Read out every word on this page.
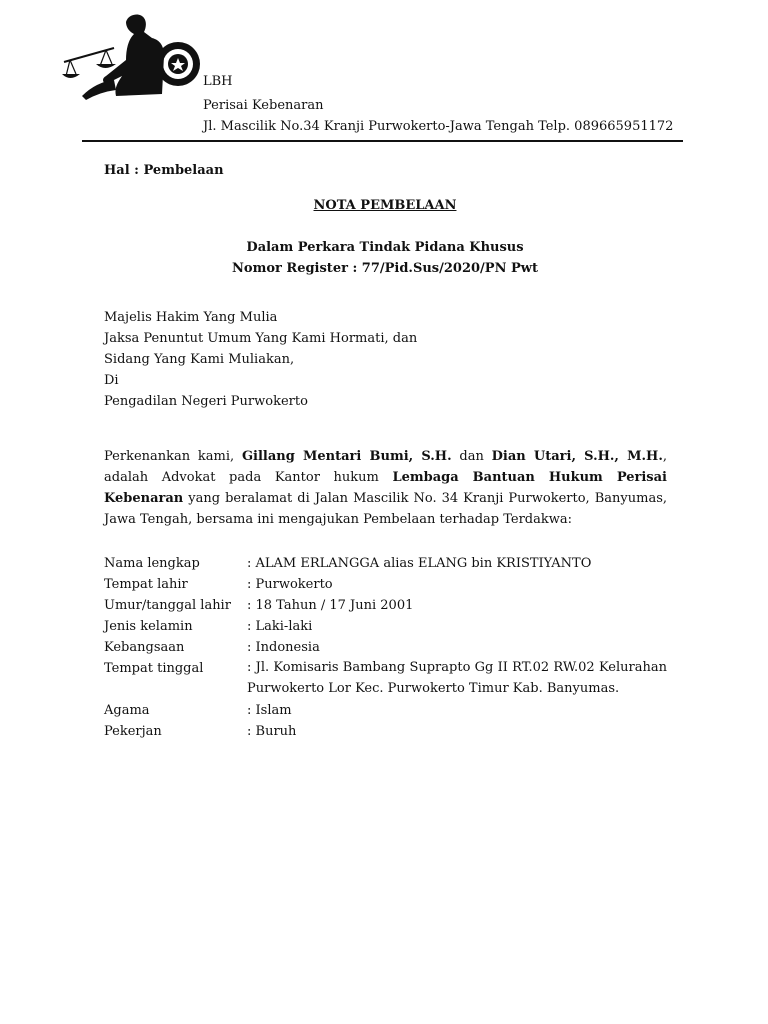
LBH
Perisai Kebenaran
Jl. Mascilik No.34 Kranji Purwokerto-Jawa Tengah Telp. 089665951172
Hal : Pembelaan
NOTA PEMBELAAN
Dalam Perkara Tindak Pidana Khusus
Nomor Register : 77/Pid.Sus/2020/PN Pwt
Majelis Hakim Yang Mulia
Jaksa Penuntut Umum Yang Kami Hormati, dan
Sidang Yang Kami Muliakan,
Di
Pengadilan Negeri Purwokerto
Perkenankan kami, Gillang Mentari Bumi, S.H. dan Dian Utari, S.H., M.H., adalah Advokat pada Kantor hukum Lembaga Bantuan Hukum Perisai Kebenaran yang beralamat di Jalan Mascilik No. 34 Kranji Purwokerto, Banyumas, Jawa Tengah, bersama ini mengajukan Pembelaan terhadap Terdakwa:
Nama lengkap	: ALAM ERLANGGA alias ELANG bin KRISTIYANTO
Tempat lahir	: Purwokerto
Umur/tanggal lahir : 18 Tahun / 17 Juni 2001
Jenis kelamin	: Laki-laki
Kebangsaan	: Indonesia
Tempat tinggal	: Jl. Komisaris Bambang Suprapto Gg II RT.02 RW.02 Kelurahan Purwokerto Lor Kec. Purwokerto Timur Kab. Banyumas.
Agama	: Islam
Pekerjan	: Buruh
